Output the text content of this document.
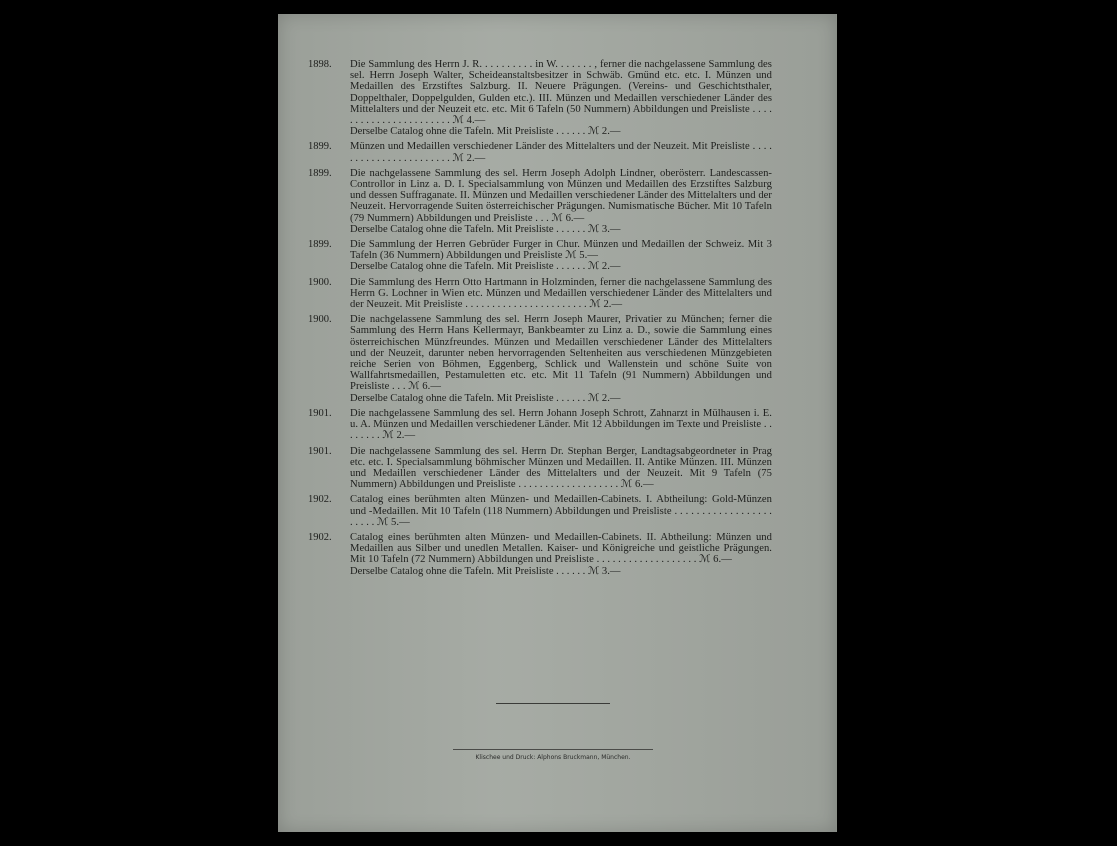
1898.	Die Sammlung des Herrn J. R. . . . . . . . . . in W. . . . . . . , ferner die nachgelassene Sammlung des sel. Herrn Joseph Walter, Scheideanstaltsbesitzer in Schwäb. Gmünd etc. etc. I. Münzen und Medaillen des Erzstiftes Salzburg. II. Neuere Prägungen. (Vereins- und Geschichtsthaler, Doppelthaler, Doppelgulden, Gulden etc.). III. Münzen und Medaillen verschiedener Länder des Mittelalters und der Neuzeit etc. etc. Mit 6 Tafeln (50 Nummern) Abbildungen und Preisliste . . . . . . . . . . . . . . . . . . . . . . . ℳ 4.—
Derselbe Catalog ohne die Tafeln. Mit Preisliste . . . . . . ℳ 2.—
1899.	Münzen und Medaillen verschiedener Länder des Mittelalters und der Neuzeit. Mit Preisliste . . . . . . . . . . . . . . . . . . . . . . . ℳ 2.—
1899.	Die nachgelassene Sammlung des sel. Herrn Joseph Adolph Lindner, oberösterr. Landescassen-Controllor in Linz a. D. I. Specialsammlung von Münzen und Medaillen des Erzstiftes Salzburg und dessen Suffraganate. II. Münzen und Medaillen verschiedener Länder des Mittelalters und der Neuzeit. Hervorragende Suiten österreichischer Prägungen. Numismatische Bücher. Mit 10 Tafeln (79 Nummern) Abbildungen und Preisliste . . . ℳ 6.—
Derselbe Catalog ohne die Tafeln. Mit Preisliste . . . . . . ℳ 3.—
1899.	Die Sammlung der Herren Gebrüder Furger in Chur. Münzen und Medaillen der Schweiz. Mit 3 Tafeln (36 Nummern) Abbildungen und Preisliste ℳ 5.—
Derselbe Catalog ohne die Tafeln. Mit Preisliste . . . . . . ℳ 2.—
1900.	Die Sammlung des Herrn Otto Hartmann in Holzminden, ferner die nachgelassene Sammlung des Herrn G. Lochner in Wien etc. Münzen und Medaillen verschiedener Länder des Mittelalters und der Neuzeit. Mit Preisliste . . . . . . . . . . . . . . . . . . . . . . . ℳ 2.—
1900.	Die nachgelassene Sammlung des sel. Herrn Joseph Maurer, Privatier zu München; ferner die Sammlung des Herrn Hans Kellermayr, Bankbeamter zu Linz a. D., sowie die Sammlung eines österreichischen Münzfreundes. Münzen und Medaillen verschiedener Länder des Mittelalters und der Neuzeit, darunter neben hervorragenden Seltenheiten aus verschiedenen Münzgebieten reiche Serien von Böhmen, Eggenberg, Schlick und Wallenstein und schöne Suite von Wallfahrtsmedaillen, Pestamuletten etc. etc. Mit 11 Tafeln (91 Nummern) Abbildungen und Preisliste . . . ℳ 6.—
Derselbe Catalog ohne die Tafeln. Mit Preisliste . . . . . . ℳ 2.—
1901.	Die nachgelassene Sammlung des sel. Herrn Johann Joseph Schrott, Zahnarzt in Mülhausen i. E. u. A. Münzen und Medaillen verschiedener Länder. Mit 12 Abbildungen im Texte und Preisliste . . . . . . . . ℳ 2.—
1901.	Die nachgelassene Sammlung des sel. Herrn Dr. Stephan Berger, Landtagsabgeordneter in Prag etc. etc. I. Specialsammlung böhmischer Münzen und Medaillen. II. Antike Münzen. III. Münzen und Medaillen verschiedener Länder des Mittelalters und der Neuzeit. Mit 9 Tafeln (75 Nummern) Abbildungen und Preisliste . . . . . . . . . . . . . . . . . . . ℳ 6.—
1902.	Catalog eines berühmten alten Münzen- und Medaillen-Cabinets. I. Abtheilung: Gold-Münzen und -Medaillen. Mit 10 Tafeln (118 Nummern) Abbildungen und Preisliste . . . . . . . . . . . . . . . . . . . . . . . ℳ 5.—
1902.	Catalog eines berühmten alten Münzen- und Medaillen-Cabinets. II. Abtheilung: Münzen und Medaillen aus Silber und unedlen Metallen. Kaiser- und Königreiche und geistliche Prägungen. Mit 10 Tafeln (72 Nummern) Abbildungen und Preisliste . . . . . . . . . . . . . . . . . . . ℳ 6.—
Derselbe Catalog ohne die Tafeln. Mit Preisliste . . . . . . ℳ 3.—
Klischee und Druck: Alphons Bruckmann, München.
